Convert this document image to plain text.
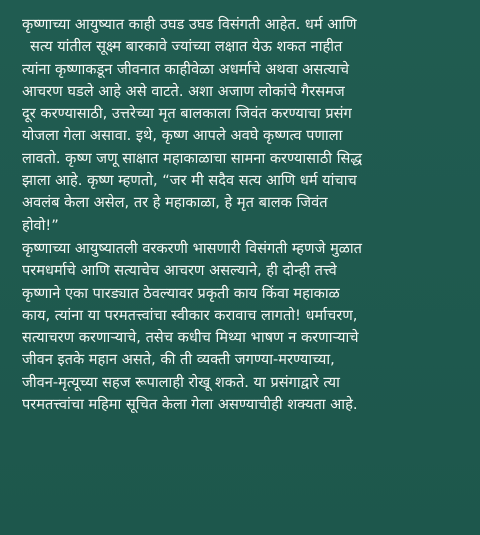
कृष्णाच्या आयुष्यात काही उघड उघड विसंगती आहेत. धर्म आणि
सत्य यांतील सूक्ष्म बारकावे ज्यांच्या लक्षात येऊ शकत नाहीत
त्यांना कृष्णाकडून जीवनात काहीवेळा अधर्माचे अथवा असत्याचे
आचरण घडले आहे असे वाटते. अशा अजाण लोकांचे गैरसमज
दूर करण्यासाठी, उत्तरेच्या मृत बालकाला जिवंत करण्याचा प्रसंग
योजला गेला असावा. इथे, कृष्ण आपले अवघे कृष्णत्व पणाला
लावतो. कृष्ण जणू साक्षात महाकाळाचा सामना करण्यासाठी सिद्ध
झाला आहे. कृष्ण म्हणतो, “जर मी सदैव सत्य आणि धर्म यांचाच
अवलंब केला असेल, तर हे महाकाळा, हे मृत बालक जिवंत
होवो!”
कृष्णाच्या आयुष्यातली वरकरणी भासणारी विसंगती म्हणजे मुळात
परमधर्माचे आणि सत्याचेच आचरण असल्याने, ही दोन्ही तत्त्वे
कृष्णाने एका पारड्यात ठेवल्यावर प्रकृती काय किंवा महाकाळ
काय, त्यांना या परमतत्त्वांचा स्वीकार करावाच लागतो! धर्माचरण,
सत्याचरण करणाऱ्याचे, तसेच कधीच मिथ्या भाषण न करणाऱ्याचे
जीवन इतके महान असते, की ती व्यक्ती जगण्या-मरण्याच्या,
जीवन-मृत्यूच्या सहज रूपालाही रोखू शकते. या प्रसंगाद्वारे त्या
परमतत्त्वांचा महिमा सूचित केला गेला असण्याचीही शक्यता आहे.
